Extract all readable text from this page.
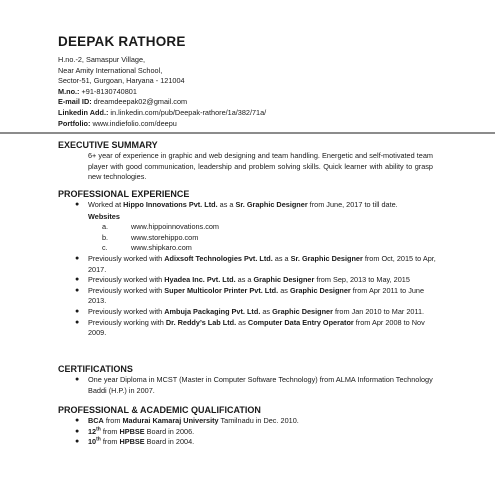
DEEPAK RATHORE
H.no.-2, Samaspur Village,
Near Amity International School,
Sector-51, Gurgoan, Haryana - 121004
M.no.: +91-8130740801
E-mail ID: dreamdeepak02@gmail.com
Linkedin Add.: in.linkedin.com/pub/Deepak-rathore/1a/382/71a/
Portfolio: www.indiefolio.com/deepu
EXECUTIVE SUMMARY
6+ year of experience in graphic and web designing and team handling. Energetic and self-motivated team player with good communication, leadership and problem solving skills. Quick learner with ability to grasp new technologies.
PROFESSIONAL EXPERIENCE
● Worked at Hippo Innovations Pvt. Ltd. as a Sr. Graphic Designer from June, 2017 to till date.
Websites
a.	www.hippoinnovations.com
b.	www.storehippo.com
c.	www.shipkaro.com
● Previously worked with Adixsoft Technologies Pvt. Ltd. as a Sr. Graphic Designer from Oct, 2015 to Apr, 2017.
● Previously worked with Hyadea Inc. Pvt. Ltd. as a Graphic Designer from Sep, 2013 to May, 2015
● Previously worked with Super Multicolor Printer Pvt. Ltd. as Graphic Designer from Apr 2011 to June 2013.
● Previously worked with Ambuja Packaging Pvt. Ltd. as Graphic Designer from Jan 2010 to Mar 2011.
● Previously working with Dr. Reddy’s Lab Ltd. as Computer Data Entry Operator from Apr 2008 to Nov 2009.
CERTIFICATIONS
● One year Diploma in MCST (Master in Computer Software Technology) from ALMA Information Technology Baddi (H.P.) in 2007.
PROFESSIONAL & ACADEMIC QUALIFICATION
● BCA from Madurai Kamaraj University Tamilnadu in Dec. 2010.
● 12th from HPBSE Board in 2006.
● 10th from HPBSE Board in 2004.
